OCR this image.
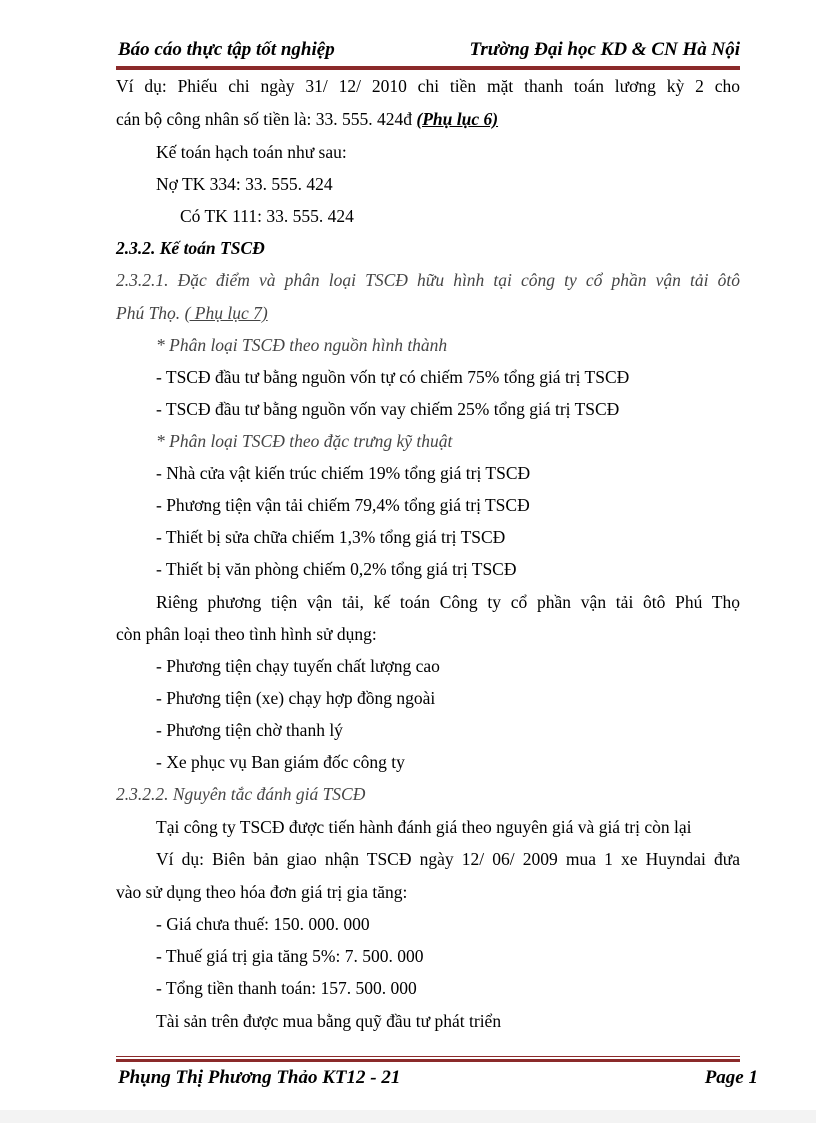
Báo cáo thực tập tốt nghiệp	Trường Đại học KD & CN Hà Nội
Ví dụ: Phiếu chi ngày 31/ 12/ 2010 chi tiền mặt thanh toán lương kỳ 2 cho
cán bộ công nhân số tiền là: 33. 555. 424đ (Phụ lục 6)
Kế toán hạch toán như sau:
Nợ TK 334: 33. 555. 424
Có TK 111: 33. 555. 424
2.3.2. Kế toán TSCĐ
2.3.2.1. Đặc điểm và phân loại TSCĐ hữu hình tại công ty cổ phần vận tải ôtô
Phú Thọ. ( Phụ lục 7)
* Phân loại TSCĐ theo nguồn hình thành
- TSCĐ đầu tư bằng nguồn vốn tự có chiếm 75% tổng giá trị TSCĐ
- TSCĐ đầu tư bằng nguồn vốn vay chiếm 25% tổng giá trị TSCĐ
* Phân loại TSCĐ theo đặc trưng kỹ thuật
- Nhà cửa vật kiến trúc chiếm 19% tổng giá trị TSCĐ
- Phương tiện vận tải chiếm 79,4% tổng giá trị TSCĐ
- Thiết bị sửa chữa chiếm 1,3% tổng giá trị TSCĐ
- Thiết bị văn phòng chiếm 0,2% tổng giá trị TSCĐ
Riêng phương tiện vận tải, kế toán Công ty cổ phần vận tải ôtô Phú Thọ
còn phân loại theo tình hình sử dụng:
- Phương tiện chạy tuyến chất lượng cao
- Phương tiện (xe) chạy hợp đồng ngoài
- Phương tiện chờ thanh lý
- Xe phục vụ Ban giám đốc công ty
2.3.2.2. Nguyên tắc đánh giá TSCĐ
Tại công ty TSCĐ được tiến hành đánh giá theo nguyên giá và giá trị còn lại
Ví dụ: Biên bản giao nhận TSCĐ ngày 12/ 06/ 2009 mua 1 xe Huyndai đưa
vào sử dụng theo hóa đơn giá trị gia tăng:
- Giá chưa thuế: 150. 000. 000
- Thuế giá trị gia tăng 5%: 7. 500. 000
- Tổng tiền thanh toán: 157. 500. 000
Tài sản trên được mua bằng quỹ đầu tư phát triển
Phụng Thị Phương Thảo KT12 - 21	Page 1
